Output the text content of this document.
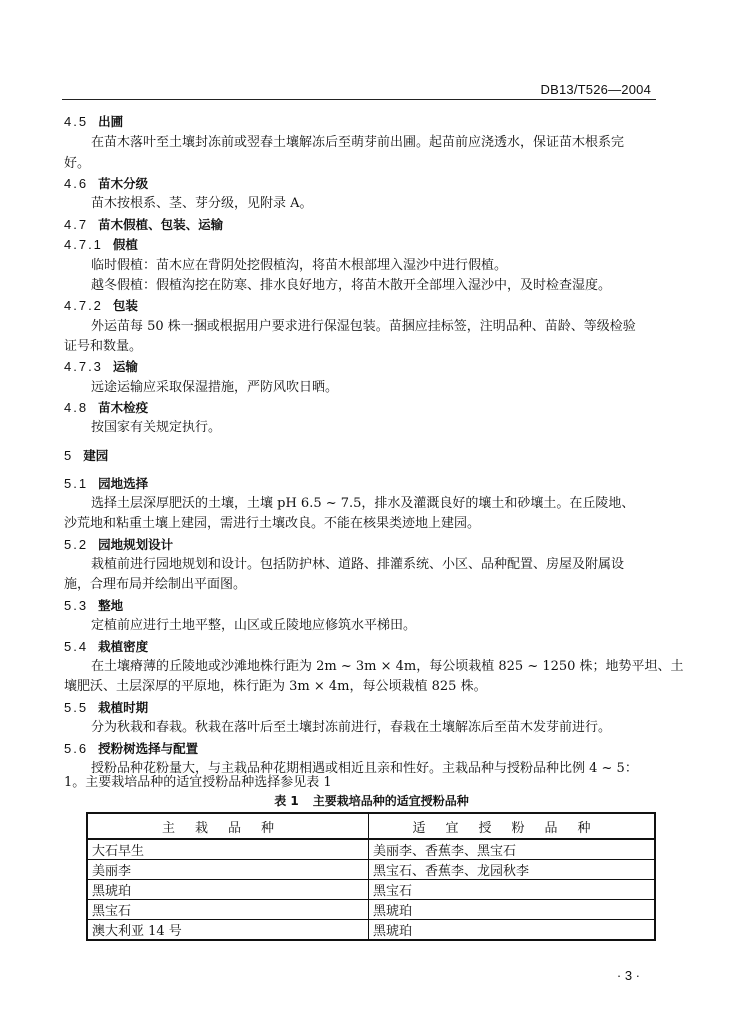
DB13/T526—2004
4.5 出圃
在苗木落叶至土壤封冻前或翌春土壤解冻后至萌芽前出圃。起苗前应浇透水，保证苗木根系完
好。
4.6 苗木分级
苗木按根系、茎、芽分级，见附录 A。
4.7 苗木假植、包装、运输
4.7.1 假植
临时假植：苗木应在背阴处挖假植沟，将苗木根部埋入湿沙中进行假植。
越冬假植：假植沟挖在防寒、排水良好地方，将苗木散开全部埋入湿沙中，及时检查湿度。
4.7.2 包装
外运苗每 50 株一捆或根据用户要求进行保湿包装。苗捆应挂标签，注明品种、苗龄、等级检验
证号和数量。
4.7.3 运输
远途运输应采取保湿措施，严防风吹日晒。
4.8 苗木检疫
按国家有关规定执行。
5 建园
5.1 园地选择
选择土层深厚肥沃的土壤，土壤 pH 6.5 ~ 7.5，排水及灌溉良好的壤土和砂壤土。在丘陵地、
沙荒地和粘重土壤上建园，需进行土壤改良。不能在核果类迹地上建园。
5.2 园地规划设计
栽植前进行园地规划和设计。包括防护林、道路、排灌系统、小区、品种配置、房屋及附属设
施，合理布局并绘制出平面图。
5.3 整地
定植前应进行土地平整，山区或丘陵地应修筑水平梯田。
5.4 栽植密度
在土壤瘠薄的丘陵地或沙滩地株行距为 2m ~ 3m × 4m，每公顷栽植 825 ~ 1250 株；地势平坦、土
壤肥沃、土层深厚的平原地，株行距为 3m × 4m，每公顷栽植 825 株。
5.5 栽植时期
分为秋栽和春栽。秋栽在落叶后至土壤封冻前进行，春栽在土壤解冻后至苗木发芽前进行。
5.6 授粉树选择与配置
授粉品种花粉量大，与主栽品种花期相遇或相近且亲和性好。主栽品种与授粉品种比例 4 ~ 5：
1。主要栽培品种的适宜授粉品种选择参见表 1
表 1 主要栽培品种的适宜授粉品种
主栽品种	适宜授粉品种
大石早生	美丽李、香蕉李、黑宝石
美丽李	黑宝石、香蕉李、龙园秋李
黑琥珀	黑宝石
黑宝石	黑琥珀
澳大利亚 14 号	黑琥珀
· 3 ·
